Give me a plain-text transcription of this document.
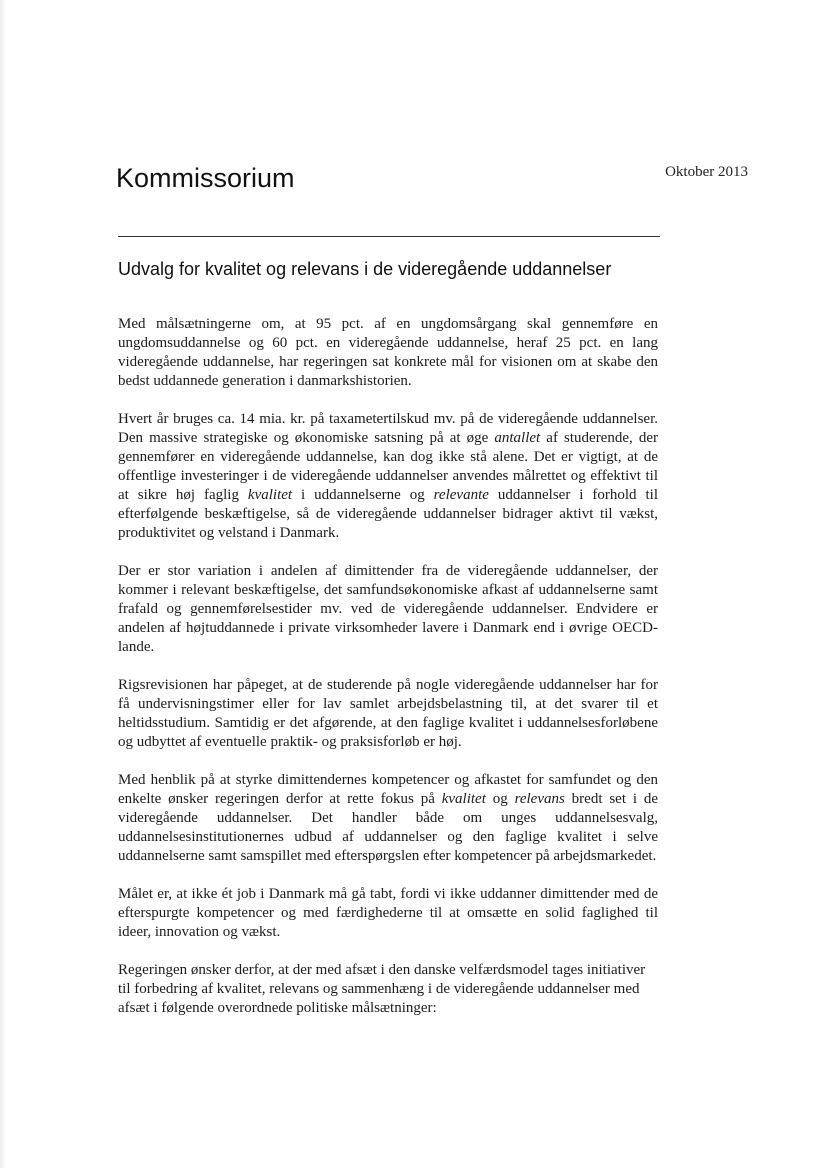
Kommissorium	Oktober 2013
Udvalg for kvalitet og relevans i de videregående uddannelser

Med målsætningerne om, at 95 pct. af en ungdomsårgang skal gennemføre en ungdomsuddannelse og 60 pct. en videregående uddannelse, heraf 25 pct. en lang videregående uddannelse, har regeringen sat konkrete mål for visionen om at skabe den bedst uddannede generation i danmarkshistorien.

Hvert år bruges ca. 14 mia. kr. på taxametertilskud mv. på de videregående uddannelser. Den massive strategiske og økonomiske satsning på at øge antallet af studerende, der gennemfører en videregående uddannelse, kan dog ikke stå alene. Det er vigtigt, at de offentlige investeringer i de videregående uddannelser anvendes målrettet og effektivt til at sikre høj faglig kvalitet i uddannelserne og relevante uddannelser i forhold til efterfølgende beskæftigelse, så de videregående uddannelser bidrager aktivt til vækst, produktivitet og velstand i Danmark.

Der er stor variation i andelen af dimittender fra de videregående uddannelser, der kommer i relevant beskæftigelse, det samfundsøkonomiske afkast af uddannelserne samt frafald og gennemførelsestider mv. ved de videregående uddannelser. Endvidere er andelen af højtuddannede i private virksomheder lavere i Danmark end i øvrige OECD-lande.

Rigsrevisionen har påpeget, at de studerende på nogle videregående uddannelser har for få undervisningstimer eller for lav samlet arbejdsbelastning til, at det svarer til et heltidsstudium. Samtidig er det afgørende, at den faglige kvalitet i uddannelsesforløbene og udbyttet af eventuelle praktik- og praksisforløb er høj.

Med henblik på at styrke dimittendernes kompetencer og afkastet for samfundet og den enkelte ønsker regeringen derfor at rette fokus på kvalitet og relevans bredt set i de videregående uddannelser. Det handler både om unges uddannelsesvalg, uddannelsesinstitutionernes udbud af uddannelser og den faglige kvalitet i selve uddannelserne samt samspillet med efterspørgslen efter kompetencer på arbejdsmarkedet.

Målet er, at ikke ét job i Danmark må gå tabt, fordi vi ikke uddanner dimittender med de efterspurgte kompetencer og med færdighederne til at omsætte en solid faglighed til ideer, innovation og vækst.

Regeringen ønsker derfor, at der med afsæt i den danske velfærdsmodel tages initiativer til forbedring af kvalitet, relevans og sammenhæng i de videregående uddannelser med afsæt i følgende overordnede politiske målsætninger:
